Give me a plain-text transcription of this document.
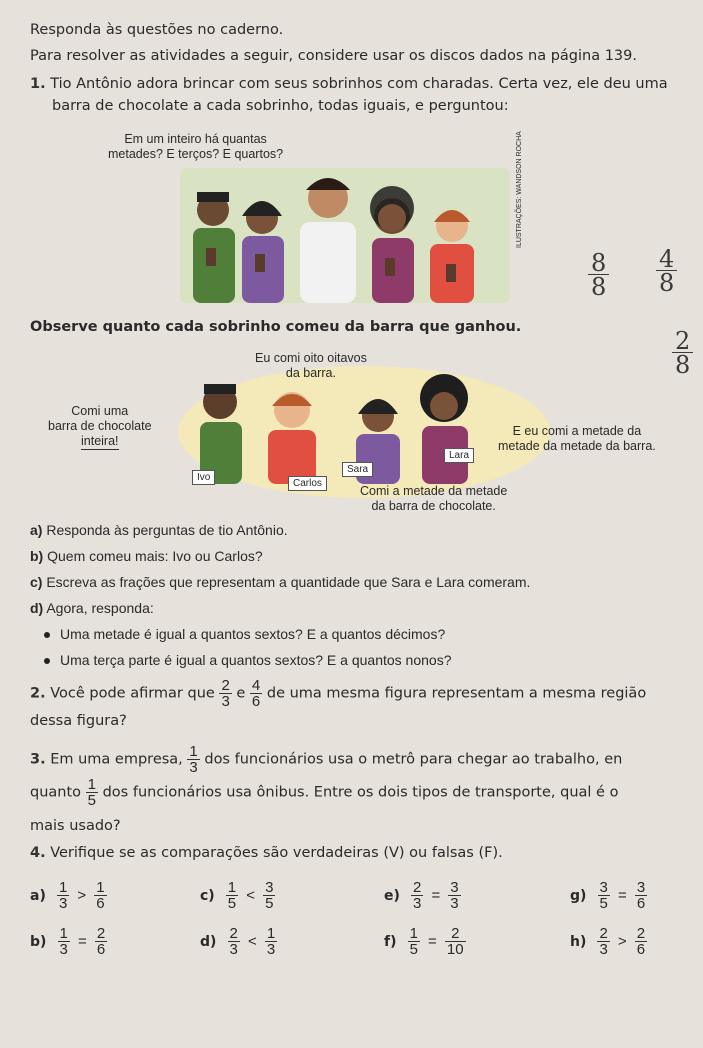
Responda às questões no caderno.
Para resolver as atividades a seguir, considere usar os discos dados na página 139.
1. Tio Antônio adora brincar com seus sobrinhos com charadas. Certa vez, ele deu uma
barra de chocolate a cada sobrinho, todas iguais, e perguntou:
Em um inteiro há quantas
metades? E terços? E quartos?
ILUSTRAÇÕES: WANDSON ROCHA
8
8
4
8
2
8
Observe quanto cada sobrinho comeu da barra que ganhou.
Eu comi oito oitavos
da barra.
Comi uma
barra de chocolate
inteira!
E eu comi a metade da
metade da metade da barra.
Comi a metade da metade
da barra de chocolate.
Ivo
Carlos
Sara
Lara
a) Responda às perguntas de tio Antônio.
b) Quem comeu mais: Ivo ou Carlos?
c) Escreva as frações que representam a quantidade que Sara e Lara comeram.
d) Agora, responda:
Uma metade é igual a quantos sextos? E a quantos décimos?
Uma terça parte é igual a quantos sextos? E a quantos nonos?
2. Você pode afirmar que $\frac{2}{3}$ e $\frac{4}{6}$ de uma mesma figura representam a mesma região
dessa figura?
3. Em uma empresa, $\frac{1}{3}$ dos funcionários usa o metrô para chegar ao trabalho, en
quanto $\frac{1}{5}$ dos funcionários usa ônibus. Entre os dois tipos de transporte, qual é o
mais usado?
4. Verifique se as comparações são verdadeiras (V) ou falsas (F).
$a) \frac{1}{3} > \frac{1}{6}$	$c) \frac{1}{5} < \frac{3}{5}$	$e) \frac{2}{3} = \frac{3}{3}$	$g) \frac{3}{5} = \frac{3}{6}$
$b) \frac{1}{3} = \frac{2}{6}$	$d) \frac{2}{3} < \frac{1}{3}$	$f) \frac{1}{5} = \frac{2}{10}$	$h) \frac{2}{3} > \frac{2}{6}$
